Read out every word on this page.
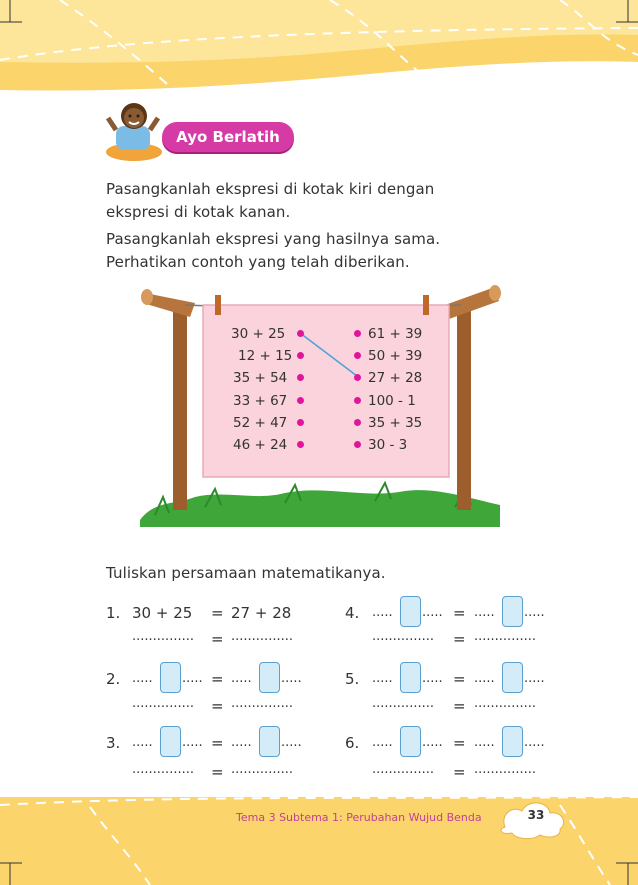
Ayo Berlatih
Pasangkanlah ekspresi di kotak kiri dengan
ekspresi di kotak kanan.
Pasangkanlah ekspresi yang hasilnya sama.
Perhatikan contoh yang telah diberikan.
30 + 25
12 + 15
35 + 54
33 + 67
52 + 47
46 + 24
61 + 39
50 + 39
27 + 28
100 - 1
35 + 35
30 - 3
Tuliskan persamaan matematikanya.
1. 30 + 25 = 27 + 28
............... = ...............
2. ..... ..... = ..... .....
............... = ...............
3. ..... ..... = ..... .....
............... = ...............
4. ..... ..... = ..... .....
............... = ...............
5. ..... ..... = ..... .....
............... = ...............
6. ..... ..... = ..... .....
............... = ...............
Tema 3 Subtema 1: Perubahan Wujud Benda	33
